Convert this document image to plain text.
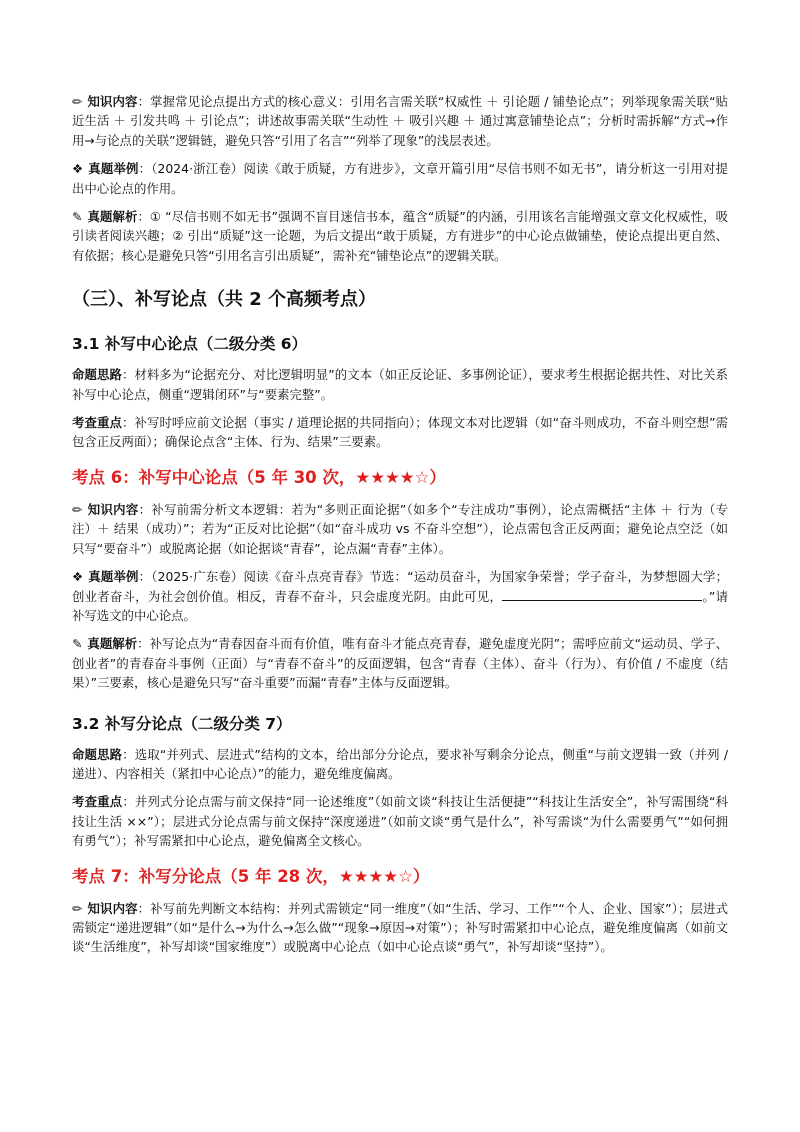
✏ 知识内容：掌握常见论点提出方式的核心意义：引用名言需关联“权威性 ＋ 引论题 / 铺垫论点”；列举现象需关联“贴近生活 ＋ 引发共鸣 ＋ 引论点”；讲述故事需关联“生动性 ＋ 吸引兴趣 ＋ 通过寓意铺垫论点”；分析时需拆解“方式→作用→与论点的关联”逻辑链，避免只答“引用了名言”“列举了现象”的浅层表述。

❖ 真题举例：（2024·浙江卷）阅读《敢于质疑，方有进步》，文章开篇引用“尽信书则不如无书”，请分析这一引用对提出中心论点的作用。

✎ 真题解析：① “尽信书则不如无书”强调不盲目迷信书本，蕴含“质疑”的内涵，引用该名言能增强文章文化权威性，吸引读者阅读兴趣；② 引出“质疑”这一论题，为后文提出“敢于质疑，方有进步”的中心论点做铺垫，使论点提出更自然、有依据；核心是避免只答“引用名言引出质疑”，需补充“铺垫论点”的逻辑关联。

（三）、补写论点（共 2 个高频考点）
3.1 补写中心论点（二级分类 6）

命题思路：材料多为“论据充分、对比逻辑明显”的文本（如正反论证、多事例论证），要求考生根据论据共性、对比关系补写中心论点，侧重“逻辑闭环”与“要素完整”。

考查重点：补写时呼应前文论据（事实 / 道理论据的共同指向）；体现文本对比逻辑（如“奋斗则成功，不奋斗则空想”需包含正反两面）；确保论点含“主体、行为、结果”三要素。

考点 6：补写中心论点（5 年 30 次，★★★★☆）

✏ 知识内容：补写前需分析文本逻辑：若为“多则正面论据”（如多个“专注成功”事例），论点需概括“主体 ＋ 行为（专注）＋ 结果（成功）”；若为“正反对比论据”（如“奋斗成功 vs 不奋斗空想”），论点需包含正反两面；避免论点空泛（如只写“要奋斗”）或脱离论据（如论据谈“青春”，论点漏“青春”主体）。

❖ 真题举例：（2025·广东卷）阅读《奋斗点亮青春》节选：“运动员奋斗，为国家争荣誉；学子奋斗，为梦想圆大学；创业者奋斗，为社会创价值。相反，青春不奋斗，只会虚度光阴。由此可见，	。”请补写选文的中心论点。

✎ 真题解析：补写论点为“青春因奋斗而有价值，唯有奋斗才能点亮青春，避免虚度光阴”；需呼应前文“运动员、学子、创业者”的青春奋斗事例（正面）与“青春不奋斗”的反面逻辑，包含“青春（主体）、奋斗（行为）、有价值 / 不虚度（结果）”三要素，核心是避免只写“奋斗重要”而漏“青春”主体与反面逻辑。

3.2 补写分论点（二级分类 7）

命题思路：选取“并列式、层进式”结构的文本，给出部分分论点，要求补写剩余分论点，侧重“与前文逻辑一致（并列 / 递进）、内容相关（紧扣中心论点）”的能力，避免维度偏离。

考查重点：并列式分论点需与前文保持“同一论述维度”（如前文谈“科技让生活便捷”“科技让生活安全”，补写需围绕“科技让生活 ××”）；层进式分论点需与前文保持“深度递进”（如前文谈“勇气是什么”，补写需谈“为什么需要勇气”“如何拥有勇气”）；补写需紧扣中心论点，避免偏离全文核心。

考点 7：补写分论点（5 年 28 次，★★★★☆）

✏ 知识内容：补写前先判断文本结构：并列式需锁定“同一维度”（如“生活、学习、工作”“个人、企业、国家”）；层进式需锁定“递进逻辑”（如“是什么→为什么→怎么做”“现象→原因→对策”）；补写时需紧扣中心论点，避免维度偏离（如前文谈“生活维度”，补写却谈“国家维度”）或脱离中心论点（如中心论点谈“勇气”，补写却谈“坚持”）。
